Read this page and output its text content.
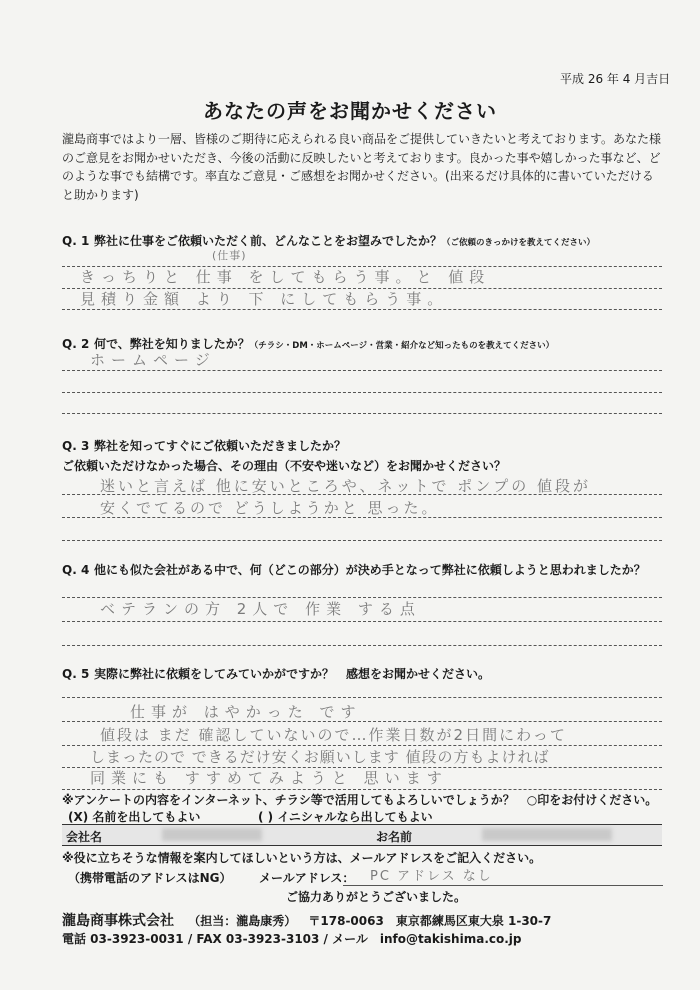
平成 26 年 4 月吉日
あなたの声をお聞かせください
瀧島商事ではより一層、皆様のご期待に応えられる良い商品をご提供していきたいと考えております。あなた様のご意見をお聞かせいただき、今後の活動に反映したいと考えております。良かった事や嬉しかった事など、どのような事でも結構です。率直なご意見・ご感想をお聞かせください。(出来るだけ具体的に書いていただけると助かります)
Q. 1 弊社に仕事をご依頼いただく前、どんなことをお望みでしたか？（ご依頼のきっかけを教えてください）
(仕事)
きっちりと 仕事 をしてもらう事。と 値段
見積り金額 より 下 にしてもらう事。
Q. 2 何で、弊社を知りましたか？（チラシ・DM・ホームページ・営業・紹介など知ったものを教えてください）
ホームページ
Q. 3 弊社を知ってすぐにご依頼いただきましたか？
ご依頼いただけなかった場合、その理由（不安や迷いなど）をお聞かせください？
迷いと言えば 他に安いところや、ネットで ポンプの 値段が
安くでてるので どうしようかと 思った。
Q. 4 他にも似た会社がある中で、何（どこの部分）が決め手となって弊社に依頼しようと思われましたか？
ベテランの方 2人で 作業 する点
Q. 5 実際に弊社に依頼をしてみていかがですか？　感想をお聞かせください。
仕事が はやかった です
値段は まだ 確認していないので…作業日数が2日間にわって
しまったので できるだけ安くお願いします 値段の方もよければ
同業にも すすめてみようと 思います
※アンケートの内容をインターネット、チラシ等で活用してもよろしいでしょうか？　○印をお付けください。
(X) 名前を出してもよい	( ) イニシャルなら出してもよい
会社名	お名前
※役に立ちそうな情報を案内してほしいという方は、メールアドレスをご記入ください。
（携帯電話のアドレスはNG） メールアドレス： PC アドレス なし
ご協力ありがとうございました。
瀧島商事株式会社 （担当：瀧島康秀） 〒178-0063　東京都練馬区東大泉 1-30-7
電話 03-3923-0031 / FAX 03-3923-3103 / メール　info@takishima.co.jp
